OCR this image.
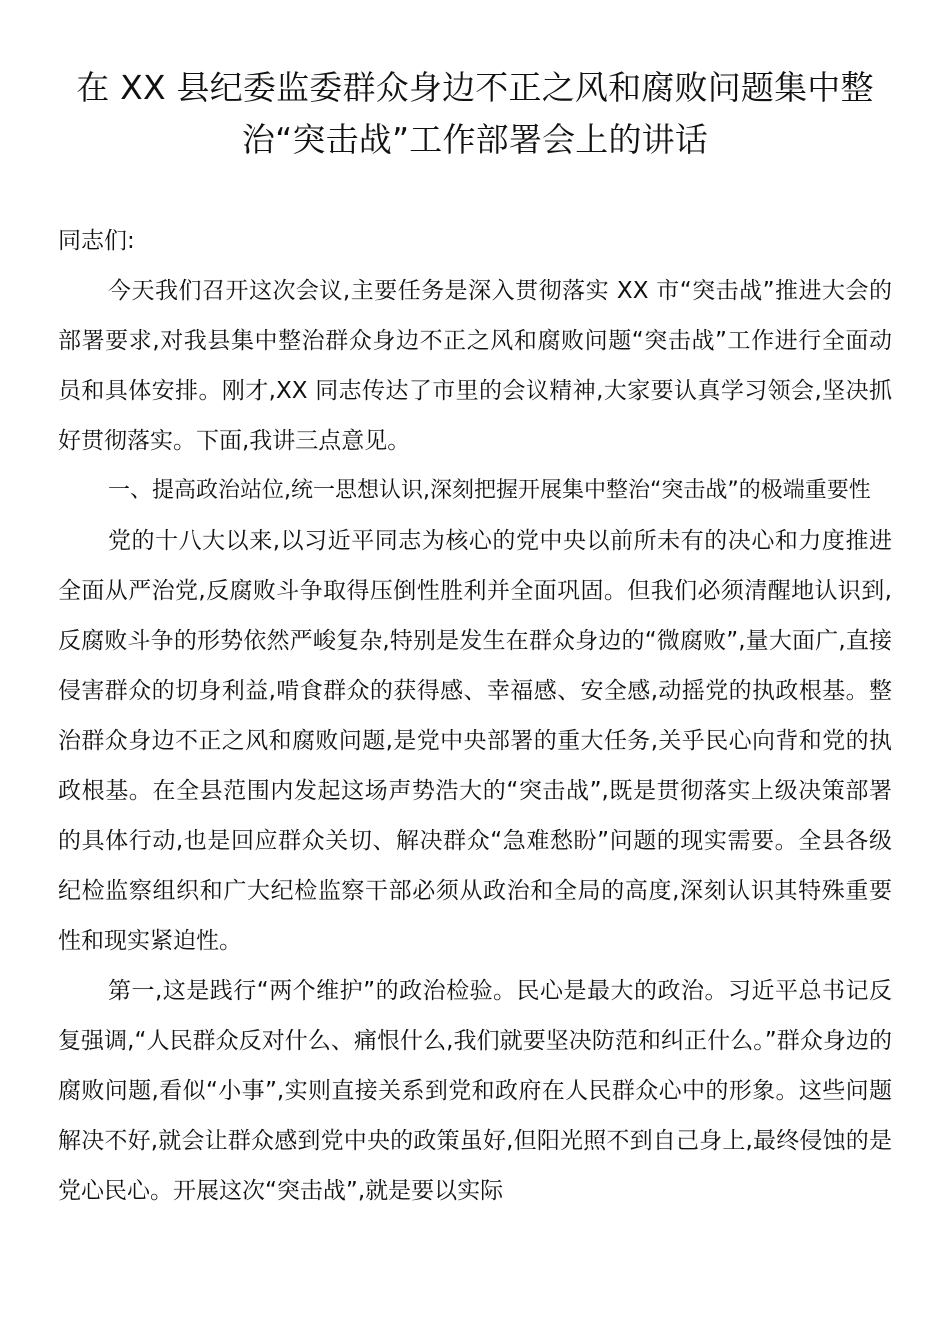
在 XX 县纪委监委群众身边不正之风和腐败问题集中整治“突击战”工作部署会上的讲话

同志们:

今天我们召开这次会议,主要任务是深入贯彻落实 XX 市“突击战”推进大会的部署要求,对我县集中整治群众身边不正之风和腐败问题“突击战”工作进行全面动员和具体安排。刚才,XX 同志传达了市里的会议精神,大家要认真学习领会,坚决抓好贯彻落实。下面,我讲三点意见。

一、提高政治站位,统一思想认识,深刻把握开展集中整治“突击战”的极端重要性

党的十八大以来,以习近平同志为核心的党中央以前所未有的决心和力度推进全面从严治党,反腐败斗争取得压倒性胜利并全面巩固。但我们必须清醒地认识到,反腐败斗争的形势依然严峻复杂,特别是发生在群众身边的“微腐败”,量大面广,直接侵害群众的切身利益,啃食群众的获得感、幸福感、安全感,动摇党的执政根基。整治群众身边不正之风和腐败问题,是党中央部署的重大任务,关乎民心向背和党的执政根基。在全县范围内发起这场声势浩大的“突击战”,既是贯彻落实上级决策部署的具体行动,也是回应群众关切、解决群众“急难愁盼”问题的现实需要。全县各级纪检监察组织和广大纪检监察干部必须从政治和全局的高度,深刻认识其特殊重要性和现实紧迫性。

第一,这是践行“两个维护”的政治检验。民心是最大的政治。习近平总书记反复强调,“人民群众反对什么、痛恨什么,我们就要坚决防范和纠正什么。”群众身边的腐败问题,看似“小事”,实则直接关系到党和政府在人民群众心中的形象。这些问题解决不好,就会让群众感到党中央的政策虽好,但阳光照不到自己身上,最终侵蚀的是党心民心。开展这次“突击战”,就是要以实际
